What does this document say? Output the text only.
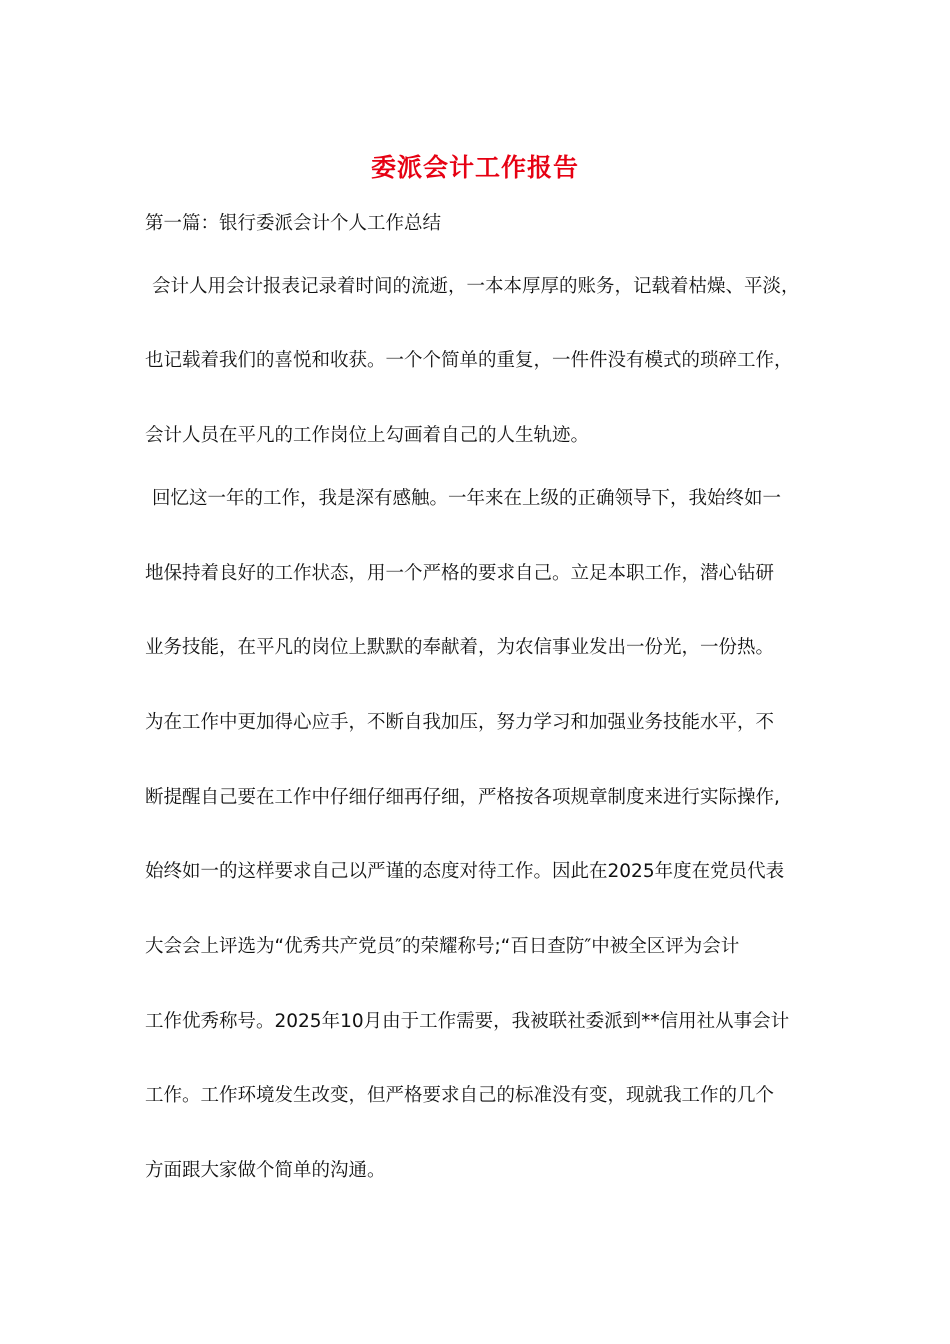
委派会计工作报告
第一篇：银行委派会计个人工作总结
会计人用会计报表记录着时间的流逝，一本本厚厚的账务，记载着枯燥、平淡，
也记载着我们的喜悦和收获。一个个简单的重复，一件件没有模式的琐碎工作，
会计人员在平凡的工作岗位上勾画着自己的人生轨迹。
回忆这一年的工作，我是深有感触。一年来在上级的正确领导下，我始终如一
地保持着良好的工作状态，用一个严格的要求自己。立足本职工作，潜心钻研
业务技能，在平凡的岗位上默默的奉献着，为农信事业发出一份光，一份热。
为在工作中更加得心应手，不断自我加压，努力学习和加强业务技能水平，不
断提醒自己要在工作中仔细仔细再仔细，严格按各项规章制度来进行实际操作,
始终如一的这样要求自己以严谨的态度对待工作。因此在2025年度在党员代表
大会会上评选为“优秀共产党员″的荣耀称号;“百日查防″中被全区评为会计
工作优秀称号。2025年10月由于工作需要，我被联社委派到**信用社从事会计
工作。工作环境发生改变，但严格要求自己的标准没有变，现就我工作的几个
方面跟大家做个简单的沟通。
